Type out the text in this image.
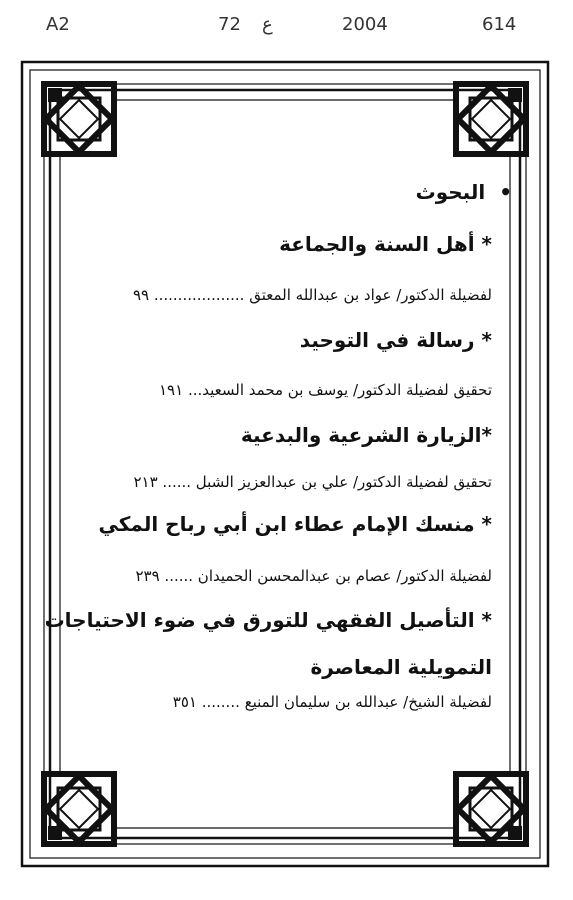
A2	72 ع	2004	614
•البحوث
* أهل السنة والجماعة
لفضيلة الدكتور/ عواد بن عبدالله المعتق ................... ٩٩
* رسالة في التوحيد
تحقيق لفضيلة الدكتور/ يوسف بن محمد السعيد... ١٩١
*الزيارة الشرعية والبدعية
تحقيق لفضيلة الدكتور/ علي بن عبدالعزيز الشبل ...... ٢١٣
* منسك الإمام عطاء ابن أبي رباح المكي
لفضيلة الدكتور/ عصام بن عبدالمحسن الحميدان ...... ٢٣٩
* التأصيل الفقهي للتورق في ضوء الاحتياجات
التمويلية المعاصرة
لفضيلة الشيخ/ عبدالله بن سليمان المنيع ........ ٣٥١
